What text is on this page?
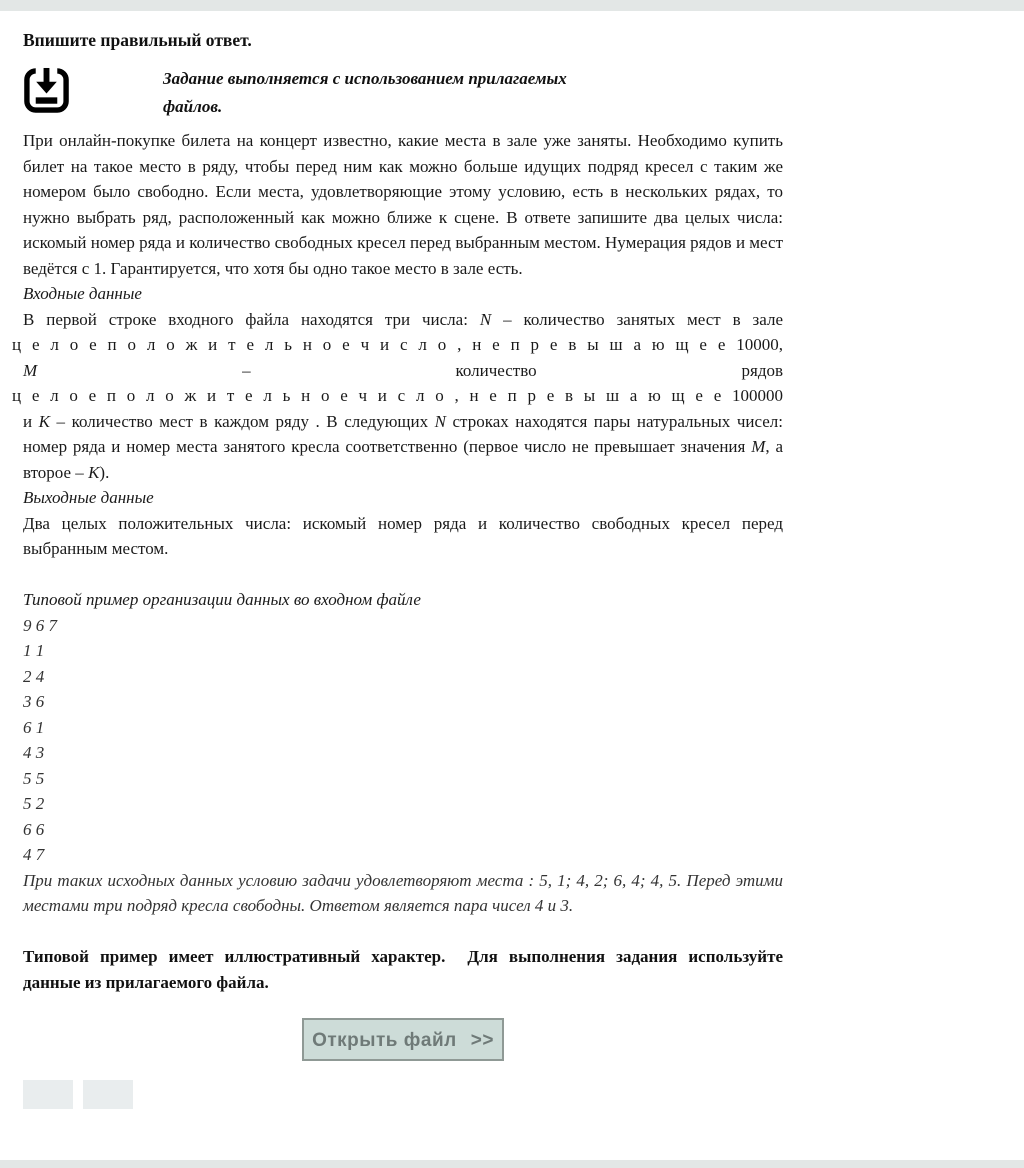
Впишите правильный ответ.
Задание выполняется с использованием прилагаемых
файлов.
При онлайн-покупке билета на концерт известно, какие места в зале уже заняты. Необходимо купить билет на такое место в ряду, чтобы перед ним как можно больше идущих подряд кресел с таким же номером было свободно. Если места, удовлетворяющие этому условию, есть в нескольких рядах, то нужно выбрать ряд, расположенный как можно ближе к сцене. В ответе запишите два целых числа: искомый номер ряда и количество свободных кресел перед выбранным местом. Нумерация рядов и мест ведётся с 1. Гарантируется, что хотя бы одно такое место в зале есть.
Входные данные
В первой строке входного файла находятся три числа: N – количество занятых мест в зале
ц е л о е п о л о ж и т е л ь н о е ч и с л о , н е п р е в ы ш а ю щ е е 10000,
M – количество рядов
ц е л о е п о л о ж и т е л ь н о е ч и с л о , н е п р е в ы ш а ю щ е е 100000
и K – количество мест в каждом ряду . В следующих N строках находятся пары натуральных чисел: номер ряда и номер места занятого кресла соответственно (первое число не превышает значения M, а второе – K).
Выходные данные
Два целых положительных числа: искомый номер ряда и количество свободных кресел перед выбранным местом.
Типовой пример организации данных во входном файле
9 6 7
1 1
2 4
3 6
6 1
4 3
5 5
5 2
6 6
4 7
При таких исходных данных условию задачи удовлетворяют места : 5, 1; 4, 2; 6, 4; 4, 5. Перед этими местами три подряд кресла свободны. Ответом является пара чисел 4 и 3.
Типовой пример имеет иллюстративный характер.  Для выполнения задания используйте данные из прилагаемого файла.
Открыть файл >>
